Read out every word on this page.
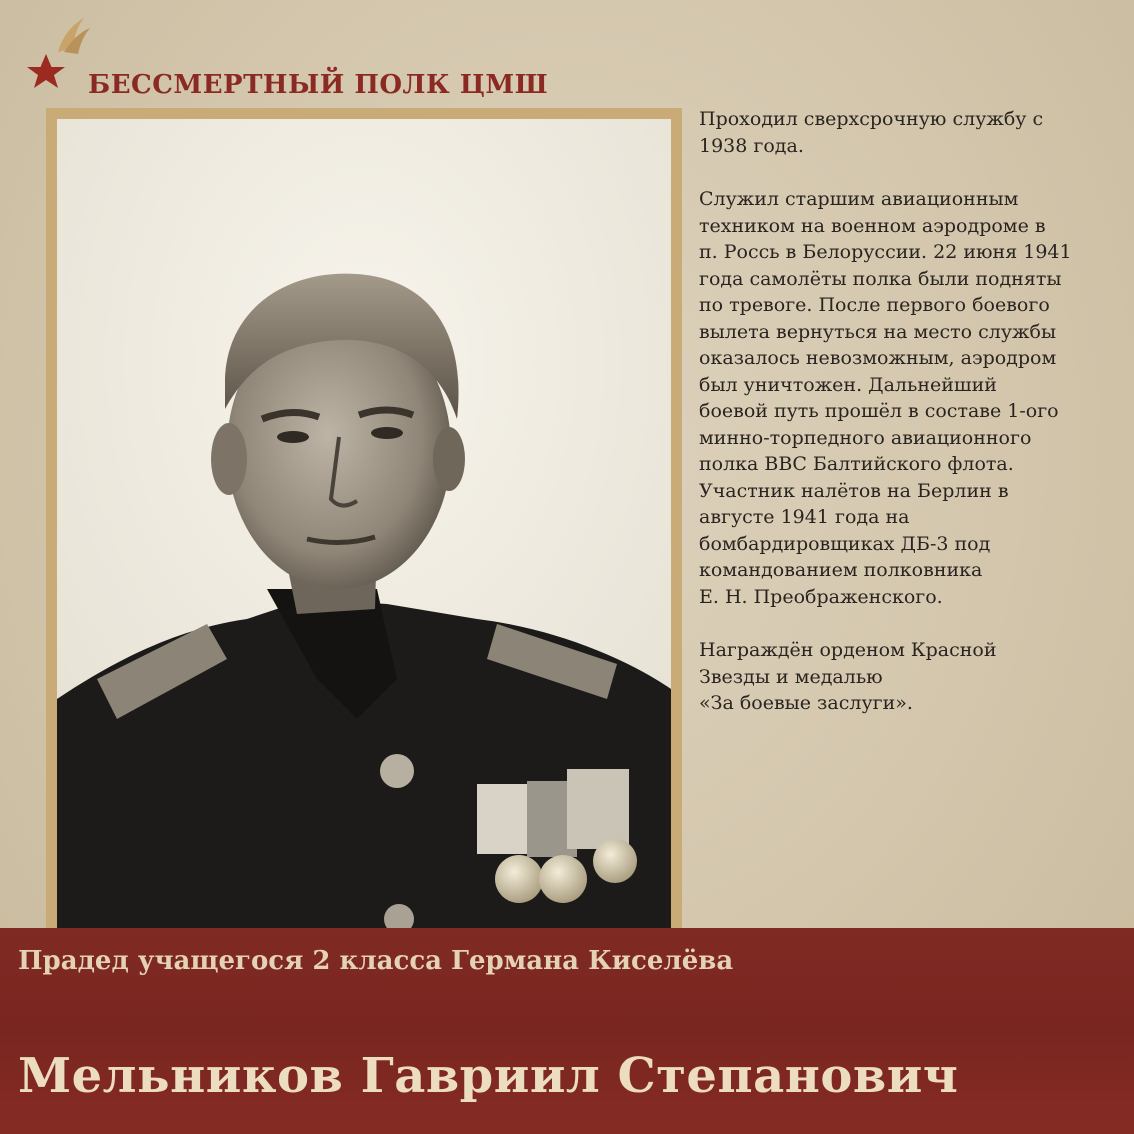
БЕССМЕРТНЫЙ ПОЛК ЦМШ

Проходил сверхсрочную службу с
1938 года.

Служил старшим авиационным
техником на военном аэродроме в
п. Россь в Белоруссии. 22 июня 1941
года самолёты полка были подняты
по тревоге. После первого боевого
вылета вернуться на место службы
оказалось невозможным, аэродром
был уничтожен. Дальнейший
боевой путь прошёл в составе 1-ого
минно-торпедного авиационного
полка ВВС Балтийского флота.
Участник налётов на Берлин в
августе 1941 года на
бомбардировщиках ДБ-3 под
командованием полковника
Е. Н. Преображенского.

Награждён орденом Красной
Звезды и медалью
«За боевые заслуги».

Прадед учащегося 2 класса Германа Киселёва
Мельников Гавриил Степанович
